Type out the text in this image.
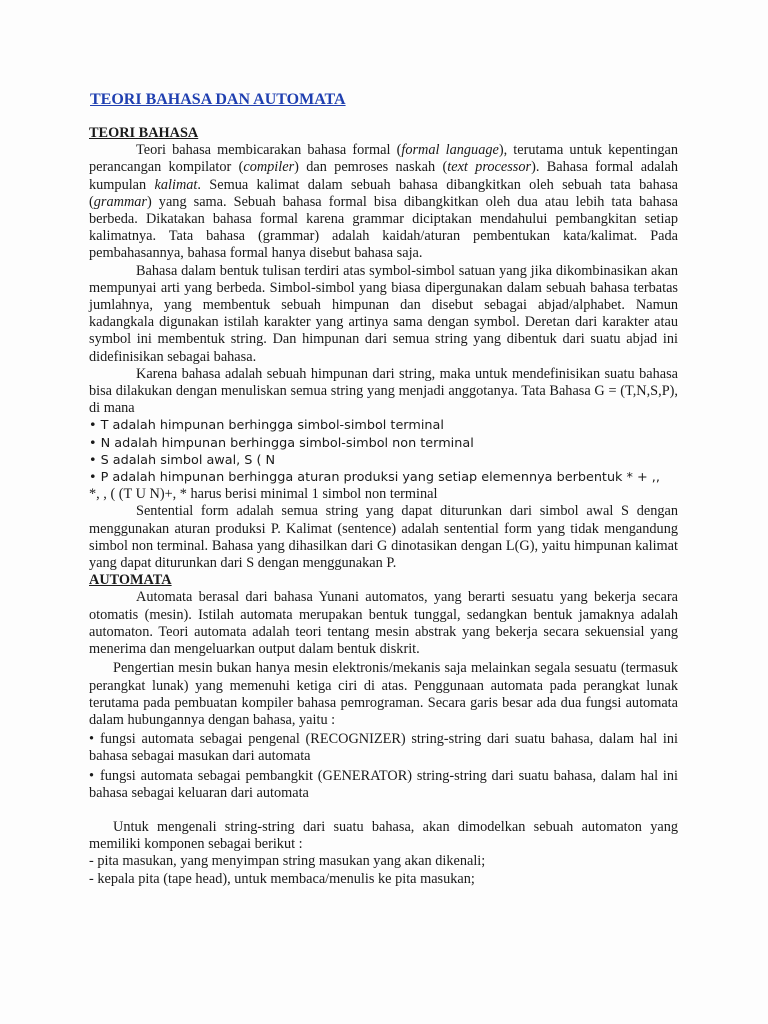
TEORI BAHASA DAN AUTOMATA
TEORI BAHASA

Teori bahasa membicarakan bahasa formal (formal language), terutama untuk kepentingan perancangan kompilator (compiler) dan pemroses naskah (text processor). Bahasa formal adalah kumpulan kalimat. Semua kalimat dalam sebuah bahasa dibangkitkan oleh sebuah tata bahasa (grammar) yang sama. Sebuah bahasa formal bisa dibangkitkan oleh dua atau lebih tata bahasa berbeda. Dikatakan bahasa formal karena grammar diciptakan mendahului pembangkitan setiap kalimatnya. Tata bahasa (grammar) adalah kaidah/aturan pembentukan kata/kalimat. Pada pembahasannya, bahasa formal hanya disebut bahasa saja.

Bahasa dalam bentuk tulisan terdiri atas symbol-simbol satuan yang jika dikombinasikan akan mempunyai arti yang berbeda. Simbol-simbol yang biasa dipergunakan dalam sebuah bahasa terbatas jumlahnya, yang membentuk sebuah himpunan dan disebut sebagai abjad/alphabet. Namun kadangkala digunakan istilah karakter yang artinya sama dengan symbol. Deretan dari karakter atau symbol ini membentuk string. Dan himpunan dari semua string yang dibentuk dari suatu abjad ini didefinisikan sebagai bahasa.

Karena bahasa adalah sebuah himpunan dari string, maka untuk mendefinisikan suatu bahasa bisa dilakukan dengan menuliskan semua string yang menjadi anggotanya. Tata Bahasa G = (T,N,S,P), di mana

• T adalah himpunan berhingga simbol-simbol terminal
• N adalah himpunan berhingga simbol-simbol non terminal
• S adalah simbol awal, S ( N
• P adalah himpunan berhingga aturan produksi yang setiap elemennya berbentuk * + ,,

*, , ( (T U N)+, * harus berisi minimal 1 simbol non terminal

Sentential form adalah semua string yang dapat diturunkan dari simbol awal S dengan menggunakan aturan produksi P. Kalimat (sentence) adalah sentential form yang tidak mengandung simbol non terminal. Bahasa yang dihasilkan dari G dinotasikan dengan L(G), yaitu himpunan kalimat yang dapat diturunkan dari S dengan menggunakan P.

AUTOMATA

Automata berasal dari bahasa Yunani automatos, yang berarti sesuatu yang bekerja secara otomatis (mesin). Istilah automata merupakan bentuk tunggal, sedangkan bentuk jamaknya adalah automaton. Teori automata adalah teori tentang mesin abstrak yang bekerja secara sekuensial yang menerima dan mengeluarkan output dalam bentuk diskrit.

Pengertian mesin bukan hanya mesin elektronis/mekanis saja melainkan segala sesuatu (termasuk perangkat lunak) yang memenuhi ketiga ciri di atas. Penggunaan automata pada perangkat lunak terutama pada pembuatan kompiler bahasa pemrograman. Secara garis besar ada dua fungsi automata dalam hubungannya dengan bahasa, yaitu :

• fungsi automata sebagai pengenal (RECOGNIZER) string-string dari suatu bahasa, dalam hal ini bahasa sebagai masukan dari automata

• fungsi automata sebagai pembangkit (GENERATOR) string-string dari suatu bahasa, dalam hal ini bahasa sebagai keluaran dari automata

Untuk mengenali string-string dari suatu bahasa, akan dimodelkan sebuah automaton yang memiliki komponen sebagai berikut :

- pita masukan, yang menyimpan string masukan yang akan dikenali;

- kepala pita (tape head), untuk membaca/menulis ke pita masukan;
